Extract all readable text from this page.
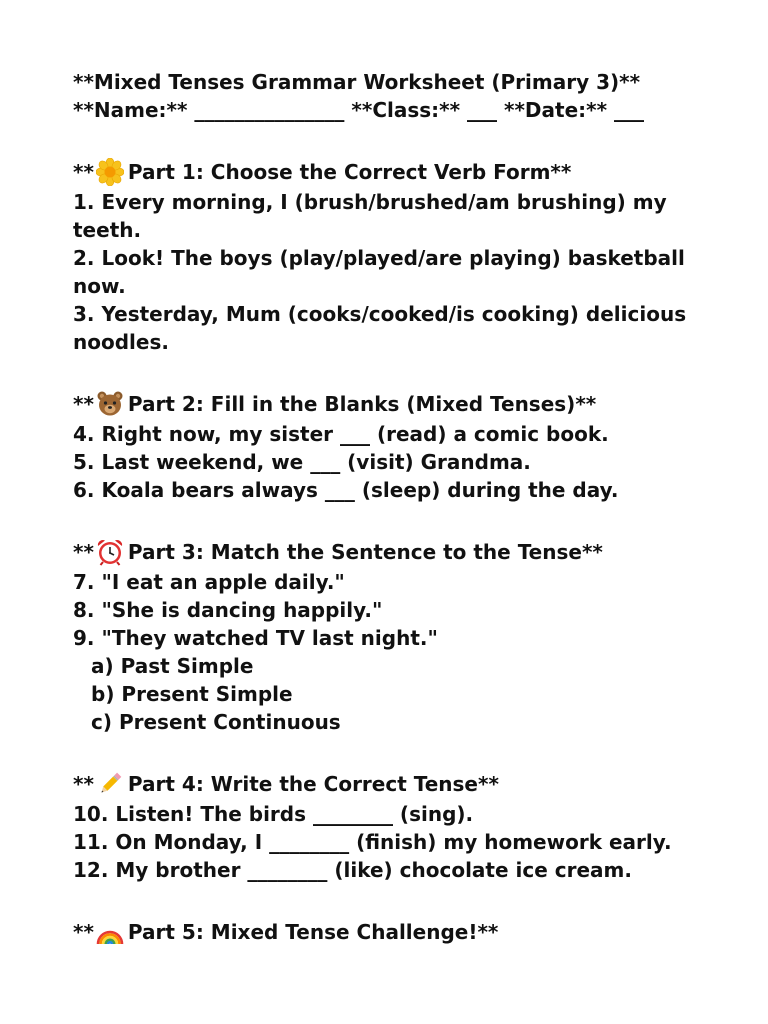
**Mixed Tenses Grammar Worksheet (Primary 3)**
**Name:** _______________ **Class:** ___ **Date:** ___
** Part 1: Choose the Correct Verb Form**
1. Every morning, I (brush/brushed/am brushing) my teeth.
2. Look! The boys (play/played/are playing) basketball now.
3. Yesterday, Mum (cooks/cooked/is cooking) delicious noodles.
** Part 2: Fill in the Blanks (Mixed Tenses)**
4. Right now, my sister ___ (read) a comic book.
5. Last weekend, we ___ (visit) Grandma.
6. Koala bears always ___ (sleep) during the day.
** Part 3: Match the Sentence to the Tense**
7. "I eat an apple daily."
8. "She is dancing happily."
9. "They watched TV last night."
a) Past Simple
b) Present Simple
c) Present Continuous
** Part 4: Write the Correct Tense**
10. Listen! The birds ________ (sing).
11. On Monday, I ________ (finish) my homework early.
12. My brother ________ (like) chocolate ice cream.
** Part 5: Mixed Tense Challenge!**
